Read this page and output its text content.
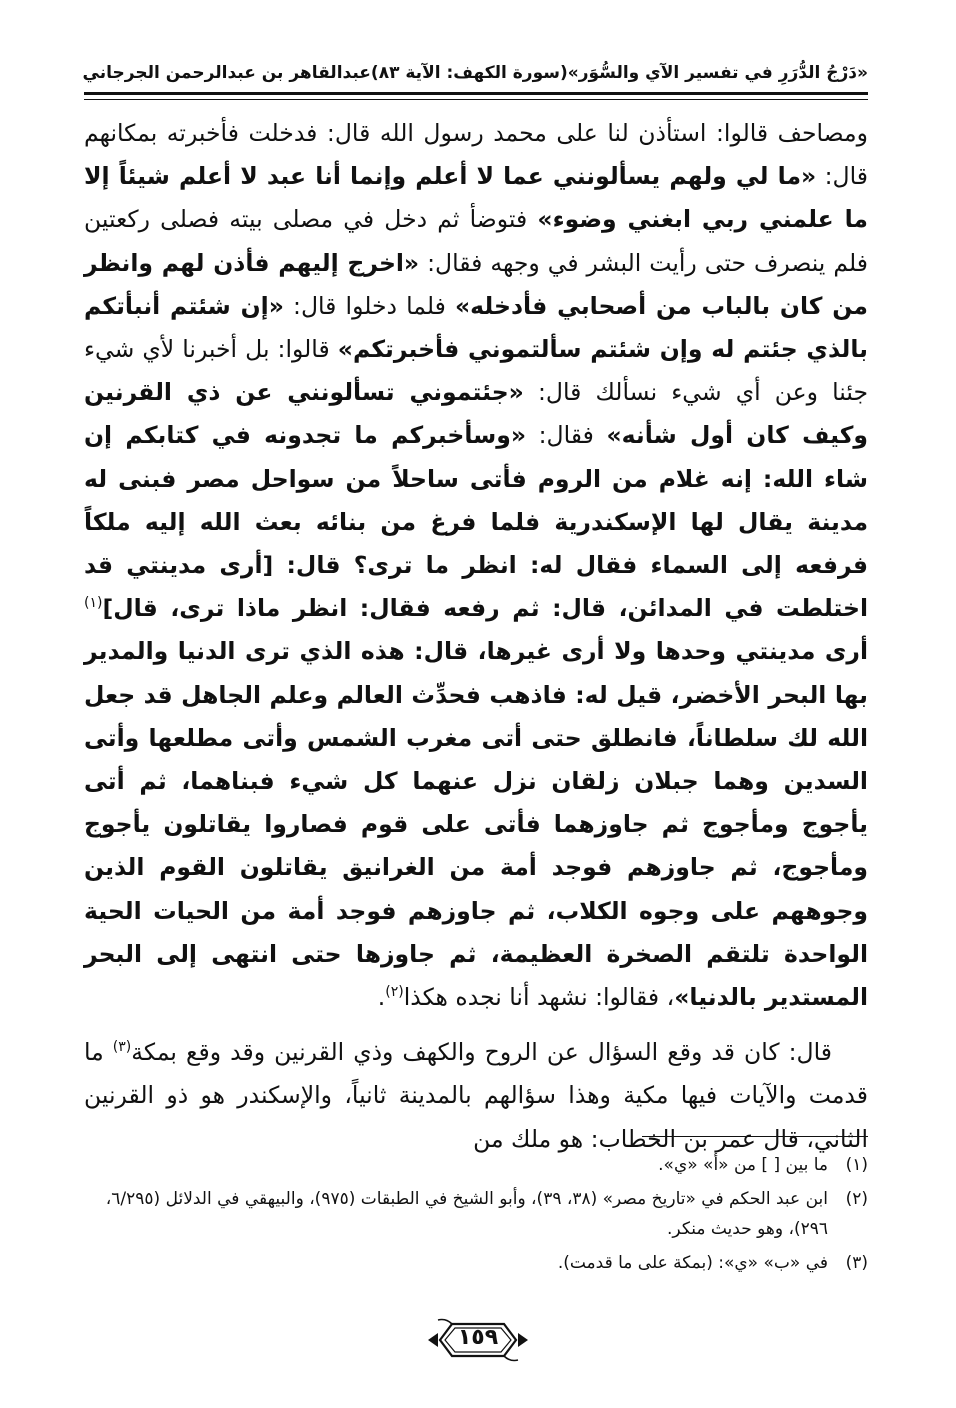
«دَرْجُ الدُّرَرِ في تفسير الآي والسُّوَر»
(سورة الكهف: الآية ٨٣)
عبدالقاهر بن عبدالرحمن الجرجاني

ومصاحف قالوا: استأذن لنا على محمد رسول الله قال: فدخلت فأخبرته بمكانهم قال: «ما لي ولهم يسألونني عما لا أعلم وإنما أنا عبد لا أعلم شيئاً إلا ما علمني ربي ابغني وضوء» فتوضأ ثم دخل في مصلى بيته فصلى ركعتين فلم ينصرف حتى رأيت البشر في وجهه فقال: «اخرج إليهم فأذن لهم وانظر من كان بالباب من أصحابي فأدخله» فلما دخلوا قال: «إن شئتم أنبأتكم بالذي جئتم له وإن شئتم سألتموني فأخبرتكم» قالوا: بل أخبرنا لأي شيء جئنا وعن أي شيء نسألك قال: «جئتموني تسألونني عن ذي القرنين وكيف كان أول شأنه» فقال: «وسأخبركم ما تجدونه في كتابكم إن شاء الله: إنه غلام من الروم فأتى ساحلاً من سواحل مصر فبنى له مدينة يقال لها الإسكندرية فلما فرغ من بنائه بعث الله إليه ملكاً فرفعه إلى السماء فقال له: انظر ما ترى؟ قال: [أرى مدينتي قد اختلطت في المدائن، قال: ثم رفعه فقال: انظر ماذا ترى، قال]$^{(١)}$ أرى مدينتي وحدها ولا أرى غيرها، قال: هذه الذي ترى الدنيا والمدير بها البحر الأخضر، قيل له: فاذهب فحدِّث العالم وعلم الجاهل قد جعل الله لك سلطاناً، فانطلق حتى أتى مغرب الشمس وأتى مطلعها وأتى السدين وهما جبلان زلقان نزل عنهما كل شيء فبناهما، ثم أتى يأجوج ومأجوج ثم جاوزهما فأتى على قوم فصاروا يقاتلون يأجوج ومأجوج، ثم جاوزهم فوجد أمة من الغرانيق يقاتلون القوم الذين وجوههم على وجوه الكلاب، ثم جاوزهم فوجد أمة من الحيات الحية الواحدة تلتقم الصخرة العظيمة، ثم جاوزها حتى انتهى إلى البحر المستدير بالدنيا»، فقالوا: نشهد أنا نجده هكذا$^{(٢)}$.

قال: كان قد وقع السؤال عن الروح والكهف وذي القرنين وقد وقع بمكة$^{(٣)}$ ما قدمت والآيات فيها مكية وهذا سؤالهم بالمدينة ثانياً، والإسكندر هو ذو القرنين الثاني، قال عمر بن الخطاب: هو ملك من

(١)ما بين [ ] من «أ» «ي».

(٢)ابن عبد الحكم في «تاريخ مصر» (٣٨، ٣٩)، وأبو الشيخ في الطبقات (٩٧٥)، والبيهقي في الدلائل (٦/٢٩٥، ٢٩٦)، وهو حديث منكر.

(٣)في «ب» «ي»: (بمكة على ما قدمت).

١٥٩
